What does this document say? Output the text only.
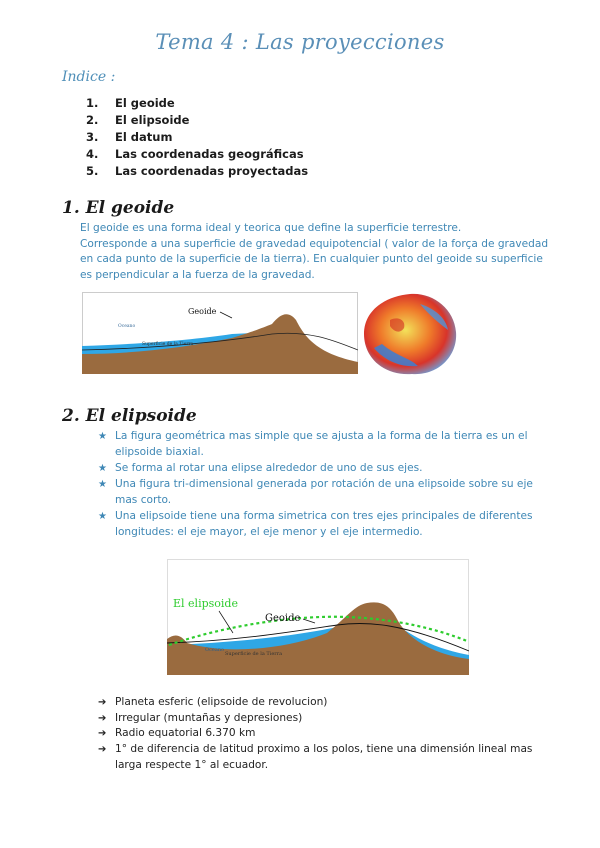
Tema 4 : Las proyecciones
Indice :
1. El geoide
2. El elipsoide
3. El datum
4. Las coordenadas geográficas
5. Las coordenadas proyectadas
1. El geoide

El geoide es una forma ideal y teorica que define la superficie terrestre.

Corresponde a una superficie de gravedad equipotencial ( valor de la força de gravedad

en cada punto de la superficie de la tierra). En cualquier punto del geoide su superficie

es perpendicular a la fuerza de la gravedad.

Geoide
Oceano
Superficie de la Tierra
2. El elipsoide
★ La figura geométrica mas simple que se ajusta a la forma de la tierra es un el
elipsoide biaxial.
★ Se forma al rotar una elipse alrededor de uno de sus ejes.
★ Una figura tri-dimensional generada por rotación de una elipsoide sobre su eje
mas corto.
★ Una elipsoide tiene una forma simetrica con tres ejes principales de diferentes
longitudes: el eje mayor, el eje menor y el eje intermedio.
El elipsoide
Geoide
Oceano
Superficie de la Tierra
➔ Planeta esferic (elipsoide de revolucion)
➔ Irregular (muntañas y depresiones)
➔ Radio equatorial 6.370 km
➔ 1° de diferencia de latitud proximo a los polos, tiene una dimensión lineal mas
larga respecte 1° al ecuador.
